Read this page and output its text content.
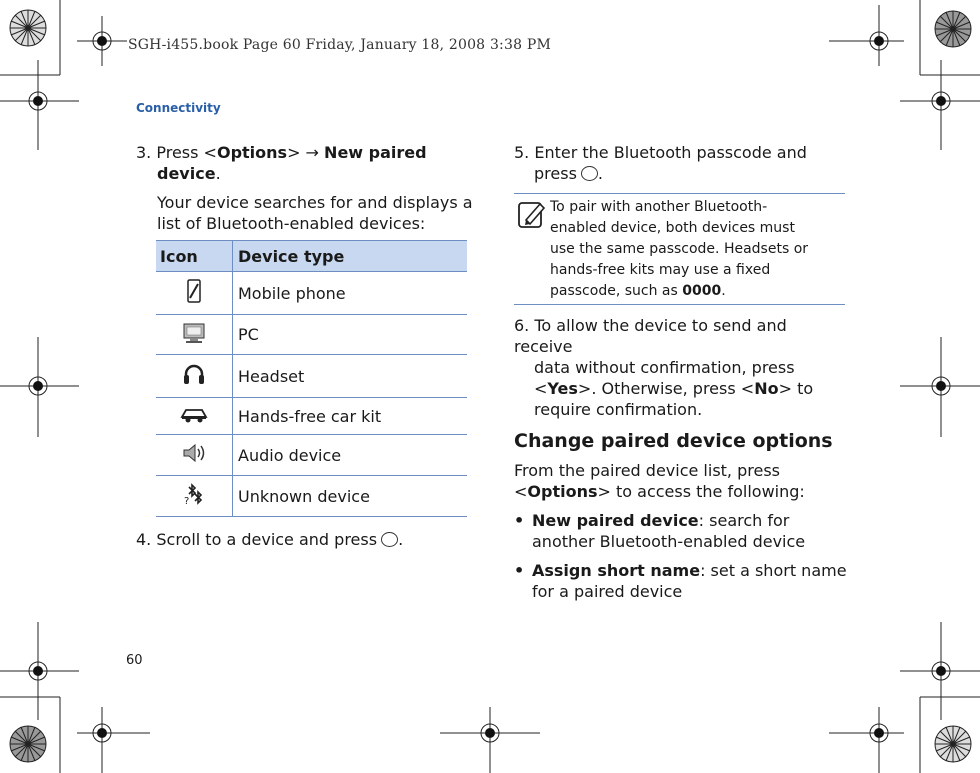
SGH-i455.book Page 60 Friday, January 18, 2008 3:38 PM
Connectivity
60
3. Press <Options> → New paired
device.
Your device searches for and displays a
list of Bluetooth-enabled devices:
Icon	Device type
	Mobile phone
	PC
	Headset
	Hands-free car kit
	Audio device

?	Unknown device
4. Scroll to a device and press .
5. Enter the Bluetooth passcode and
press .
To pair with another Bluetooth-
enabled device, both devices must
use the same passcode. Headsets or
hands-free kits may use a fixed
passcode, such as 0000.
6. To allow the device to send and receive
data without confirmation, press
<Yes>. Otherwise, press <No> to
require confirmation.
Change paired device options
From the paired device list, press
<Options> to access the following:
• New paired device: search for
another Bluetooth-enabled device
• Assign short name: set a short name
for a paired device
